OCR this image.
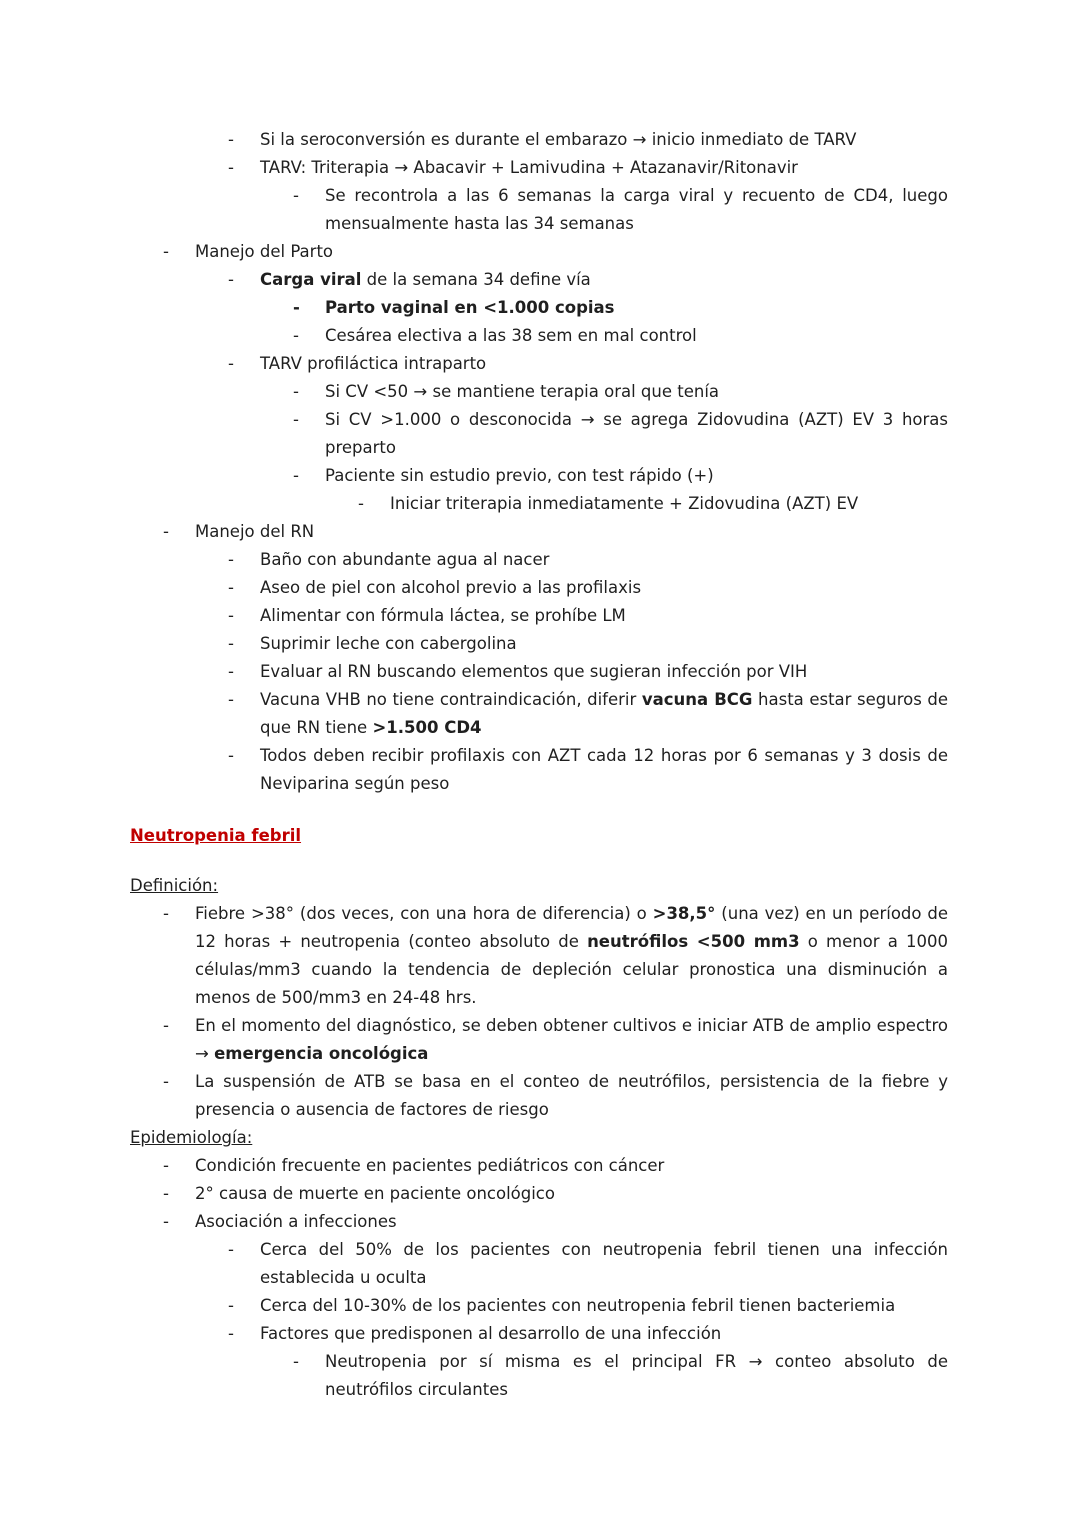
-	Si la seroconversión es durante el embarazo → inicio inmediato de TARV
-	TARV: Triterapia → Abacavir + Lamivudina + Atazanavir/Ritonavir
-	Se recontrola a las 6 semanas la carga viral y recuento de CD4, luego mensualmente hasta las 34 semanas
-	Manejo del Parto
-	Carga viral de la semana 34 define vía
-	Parto vaginal en <1.000 copias
-	Cesárea electiva a las 38 sem en mal control
-	TARV profiláctica intraparto
-	Si CV <50 → se mantiene terapia oral que tenía
-	Si CV >1.000 o desconocida → se agrega Zidovudina (AZT) EV 3 horas preparto
-	Paciente sin estudio previo, con test rápido (+)
-	Iniciar triterapia inmediatamente + Zidovudina (AZT) EV
-	Manejo del RN
-	Baño con abundante agua al nacer
-	Aseo de piel con alcohol previo a las profilaxis
-	Alimentar con fórmula láctea, se prohíbe LM
-	Suprimir leche con cabergolina
-	Evaluar al RN buscando elementos que sugieran infección por VIH
-	Vacuna VHB no tiene contraindicación, diferir vacuna BCG hasta estar seguros de que RN tiene >1.500 CD4
-	Todos deben recibir profilaxis con AZT cada 12 horas por 6 semanas y 3 dosis de Neviparina según peso
Neutropenia febril
Definición:
-	Fiebre >38° (dos veces, con una hora de diferencia) o >38,5° (una vez) en un período de 12 horas + neutropenia (conteo absoluto de neutrófilos <500 mm3 o menor a 1000 células/mm3 cuando la tendencia de depleción celular pronostica una disminución a menos de 500/mm3 en 24-48 hrs.
-	En el momento del diagnóstico, se deben obtener cultivos e iniciar ATB de amplio espectro → emergencia oncológica
-	La suspensión de ATB se basa en el conteo de neutrófilos, persistencia de la fiebre y presencia o ausencia de factores de riesgo
Epidemiología:
-	Condición frecuente en pacientes pediátricos con cáncer
-	2° causa de muerte en paciente oncológico
-	Asociación a infecciones
-	Cerca del 50% de los pacientes con neutropenia febril tienen una infección establecida u oculta
-	Cerca del 10-30% de los pacientes con neutropenia febril tienen bacteriemia
-	Factores que predisponen al desarrollo de una infección
-	Neutropenia por sí misma es el principal FR → conteo absoluto de neutrófilos circulantes
